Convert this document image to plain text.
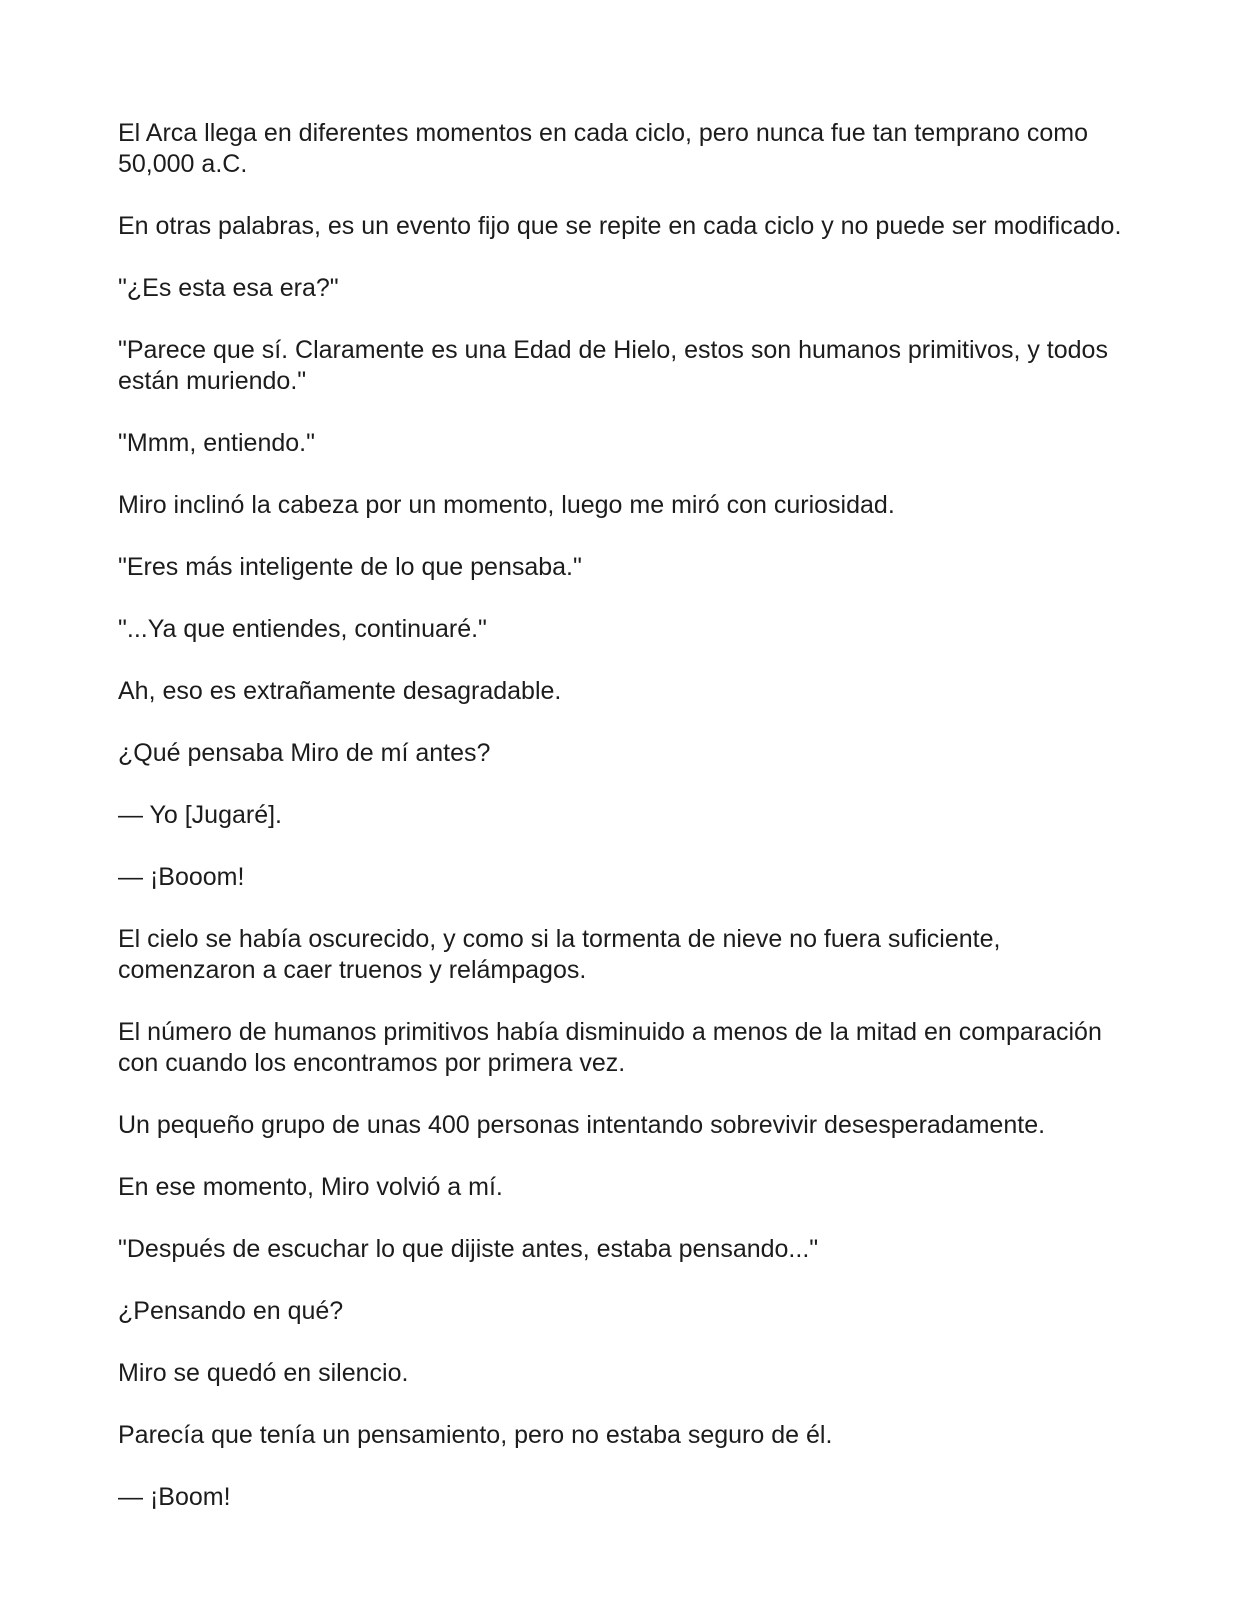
El Arca llega en diferentes momentos en cada ciclo, pero nunca fue tan temprano como 50,000 a.C.

En otras palabras, es un evento fijo que se repite en cada ciclo y no puede ser modificado.

"¿Es esta esa era?"

"Parece que sí. Claramente es una Edad de Hielo, estos son humanos primitivos, y todos están muriendo."

"Mmm, entiendo."

Miro inclinó la cabeza por un momento, luego me miró con curiosidad.

"Eres más inteligente de lo que pensaba."

"...Ya que entiendes, continuaré."

Ah, eso es extrañamente desagradable.

¿Qué pensaba Miro de mí antes?

— Yo [Jugaré].

— ¡Booom!

El cielo se había oscurecido, y como si la tormenta de nieve no fuera suficiente, comenzaron a caer truenos y relámpagos.

El número de humanos primitivos había disminuido a menos de la mitad en comparación con cuando los encontramos por primera vez.

Un pequeño grupo de unas 400 personas intentando sobrevivir desesperadamente.

En ese momento, Miro volvió a mí.

"Después de escuchar lo que dijiste antes, estaba pensando..."

¿Pensando en qué?

Miro se quedó en silencio.

Parecía que tenía un pensamiento, pero no estaba seguro de él.

— ¡Boom!
